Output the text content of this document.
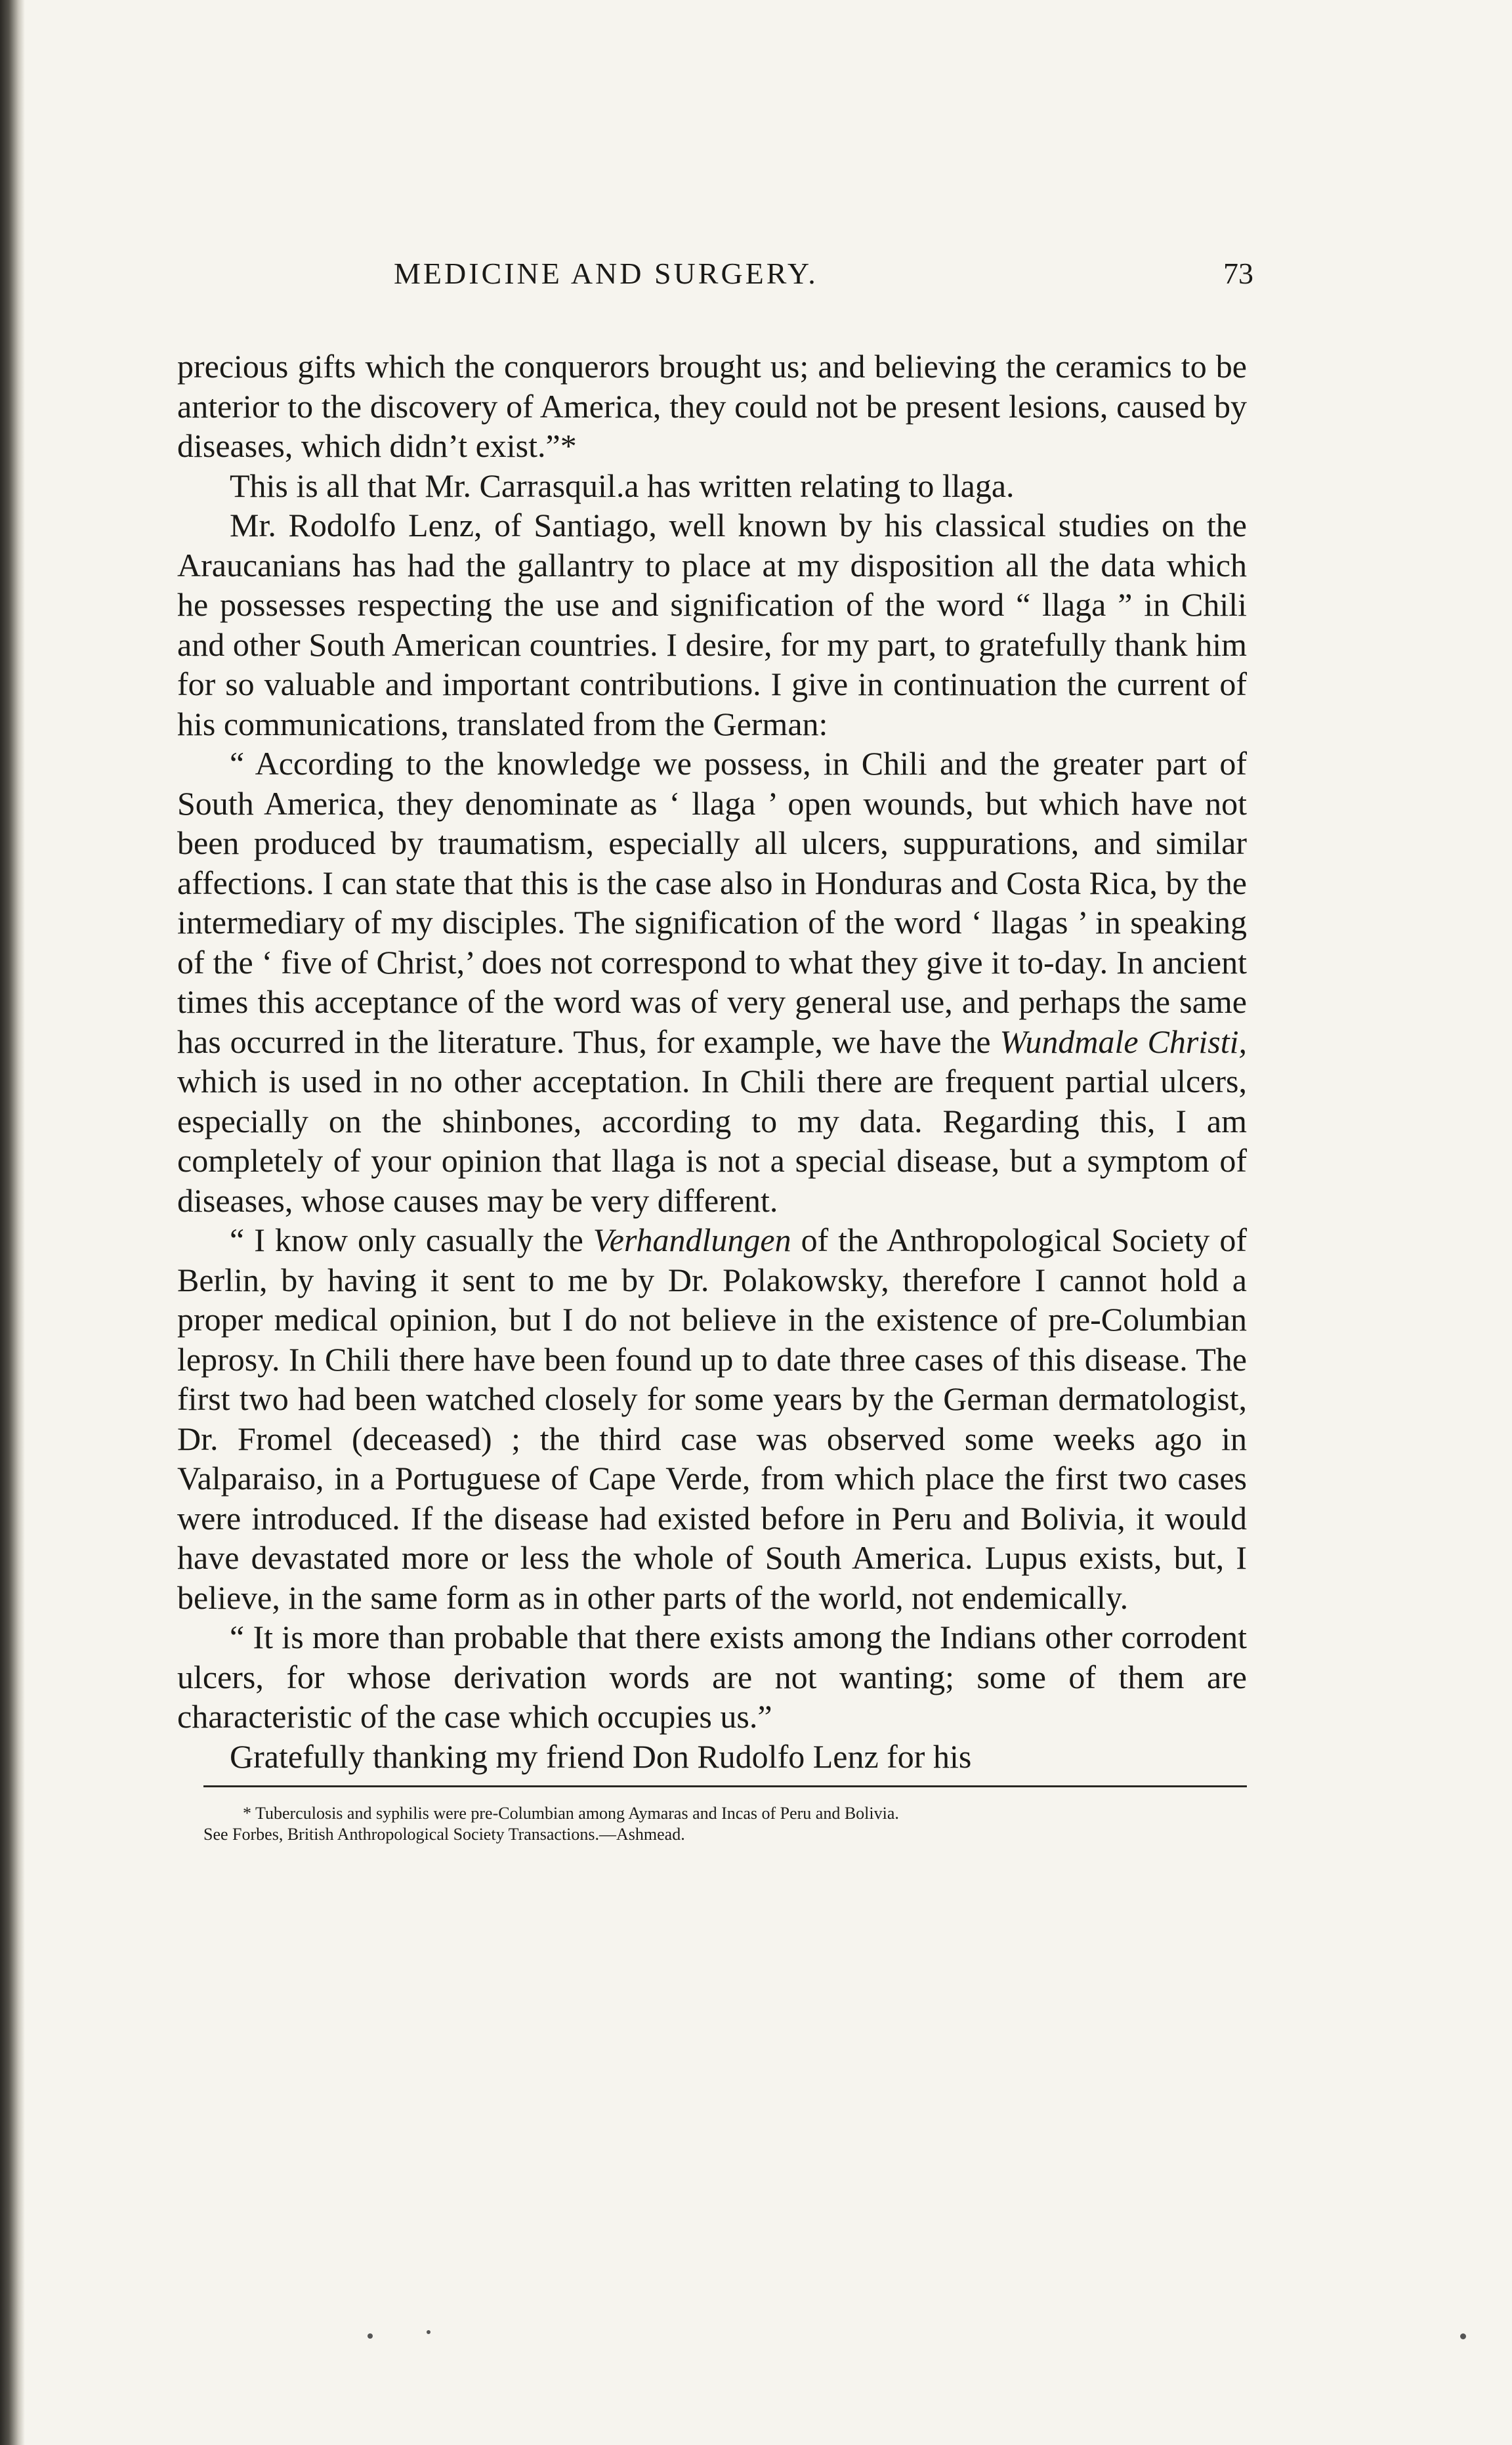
MEDICINE AND SURGERY.	73

precious gifts which the conquerors brought us; and believing the ceramics to be anterior to the discovery of America, they could not be present lesions, caused by diseases, which didn’t exist.”*

This is all that Mr. Carrasquil.a has written relating to llaga.

Mr. Rodolfo Lenz, of Santiago, well known by his classical studies on the Araucanians has had the gallantry to place at my disposition all the data which he possesses respecting the use and signification of the word “ llaga ” in Chili and other South American countries. I desire, for my part, to gratefully thank him for so valuable and important contributions. I give in continuation the current of his communications, translated from the German:

“ According to the knowledge we possess, in Chili and the greater part of South America, they denominate as ‘ llaga ’ open wounds, but which have not been produced by traumatism, especially all ulcers, suppurations, and similar affections. I can state that this is the case also in Honduras and Costa Rica, by the intermediary of my disciples. The signification of the word ‘ llagas ’ in speaking of the ‘ five of Christ,’ does not correspond to what they give it to-day. In ancient times this acceptance of the word was of very general use, and perhaps the same has occurred in the literature. Thus, for example, we have the Wundmale Christi, which is used in no other acceptation. In Chili there are frequent partial ulcers, especially on the shinbones, according to my data. Regarding this, I am completely of your opinion that llaga is not a special disease, but a symptom of diseases, whose causes may be very different.

“ I know only casually the Verhandlungen of the Anthropological Society of Berlin, by having it sent to me by Dr. Polakowsky, therefore I cannot hold a proper medical opinion, but I do not believe in the existence of pre-Columbian leprosy. In Chili there have been found up to date three cases of this disease. The first two had been watched closely for some years by the German dermatologist, Dr. Fromel (deceased) ; the third case was observed some weeks ago in Valparaiso, in a Portuguese of Cape Verde, from which place the first two cases were introduced. If the disease had existed before in Peru and Bolivia, it would have devastated more or less the whole of South America. Lupus exists, but, I believe, in the same form as in other parts of the world, not endemically.

“ It is more than probable that there exists among the Indians other corrodent ulcers, for whose derivation words are not wanting; some of them are characteristic of the case which occupies us.”

Gratefully thanking my friend Don Rudolfo Lenz for his

* Tuberculosis and syphilis were pre-Columbian among Aymaras and Incas of Peru and Bolivia.
See Forbes, British Anthropological Society Transactions.—Ashmead.
